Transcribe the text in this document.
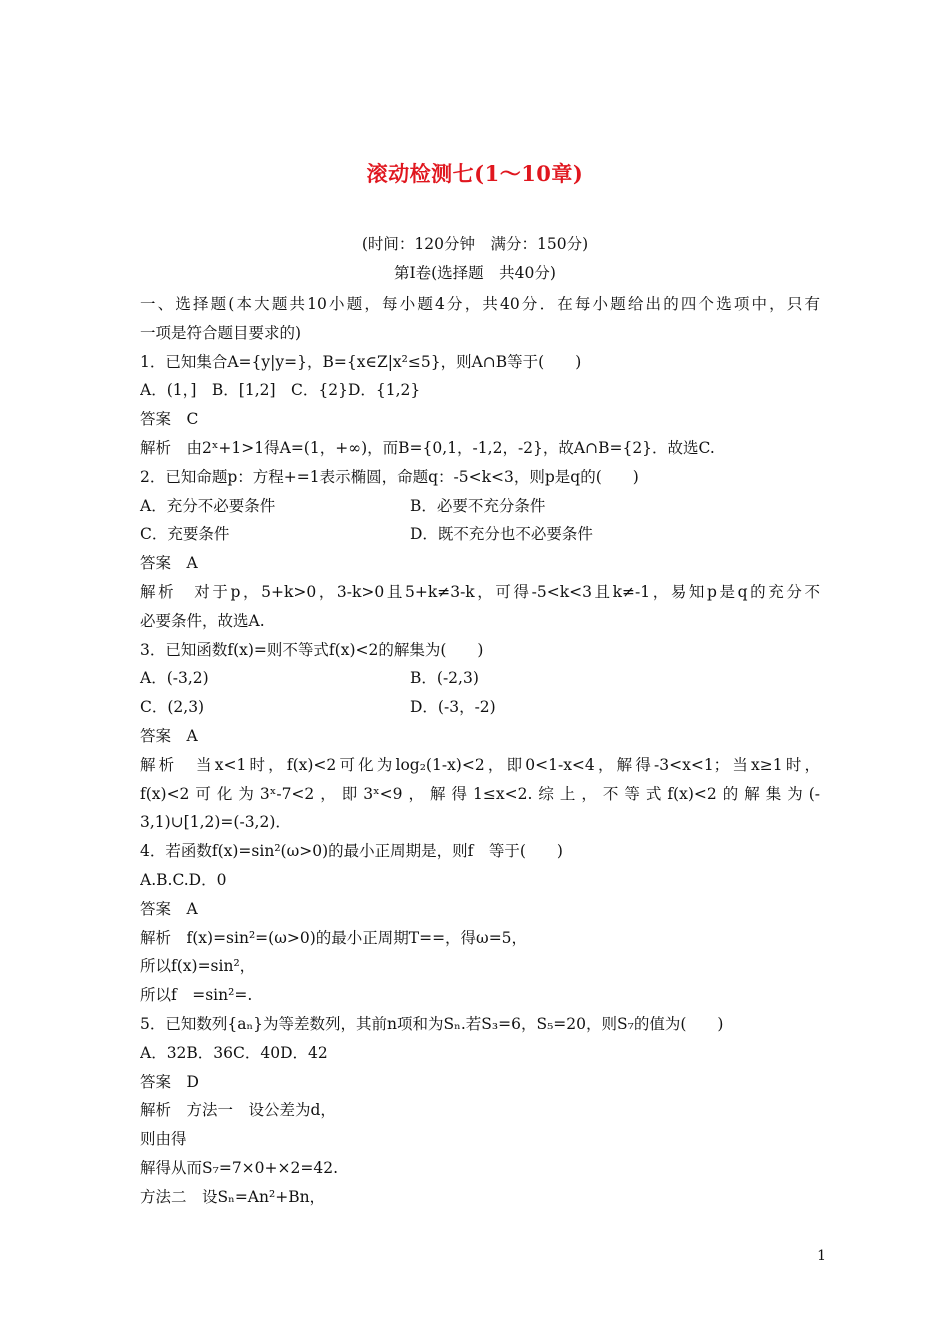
滚动检测七(1～10章)
(时间：120分钟　满分：150分)
第Ⅰ卷(选择题　共40分)
一、选择题(本大题共10小题，每小题4分，共40分．在每小题给出的四个选项中，只有
一项是符合题目要求的)
1．已知集合A={y|y=}，B={x∈Z|x²≤5}，则A∩B等于(　　)
A．(1，]　B．[1,2]　C．{2}D．{1,2}
答案　C
解析　由2ˣ+1>1得A=(1，+∞)，而B={0,1，-1,2，-2}，故A∩B={2}．故选C.
2．已知命题p：方程+=1表示椭圆，命题q：-5<k<3，则p是q的(　　)
A．充分不必要条件	B．必要不充分条件
C．充要条件	D．既不充分也不必要条件
答案　A
解析　对于p，5+k>0，3-k>0且5+k≠3-k，可得-5<k<3且k≠-1，易知p是q的充分不
必要条件，故选A.
3．已知函数f(x)=则不等式f(x)<2的解集为(　　)
A．(-3,2)	B．(-2,3)
C．(2,3)	D．(-3，-2)
答案　A
解析　当x<1时，f(x)<2可化为log₂(1-x)<2，即0<1-x<4，解得-3<x<1；当x≥1时，
f(x)<2可化为3ˣ-7<2，即3ˣ<9，解得1≤x<2.综上，不等式f(x)<2的解集为(-
3,1)∪[1,2)=(-3,2)．
4．若函数f(x)=sin²(ω>0)的最小正周期是，则f　等于(　　)
A.B.C.D．0
答案　A
解析　f(x)=sin²=(ω>0)的最小正周期T==，得ω=5，
所以f(x)=sin²，
所以f　=sin²=.
5．已知数列{aₙ}为等差数列，其前n项和为Sₙ.若S₃=6，S₅=20，则S₇的值为(　　)
A．32B．36C．40D．42
答案　D
解析　方法一　设公差为d，
则由得
解得从而S₇=7×0+×2=42.
方法二　设Sₙ=An²+Bn，
1
